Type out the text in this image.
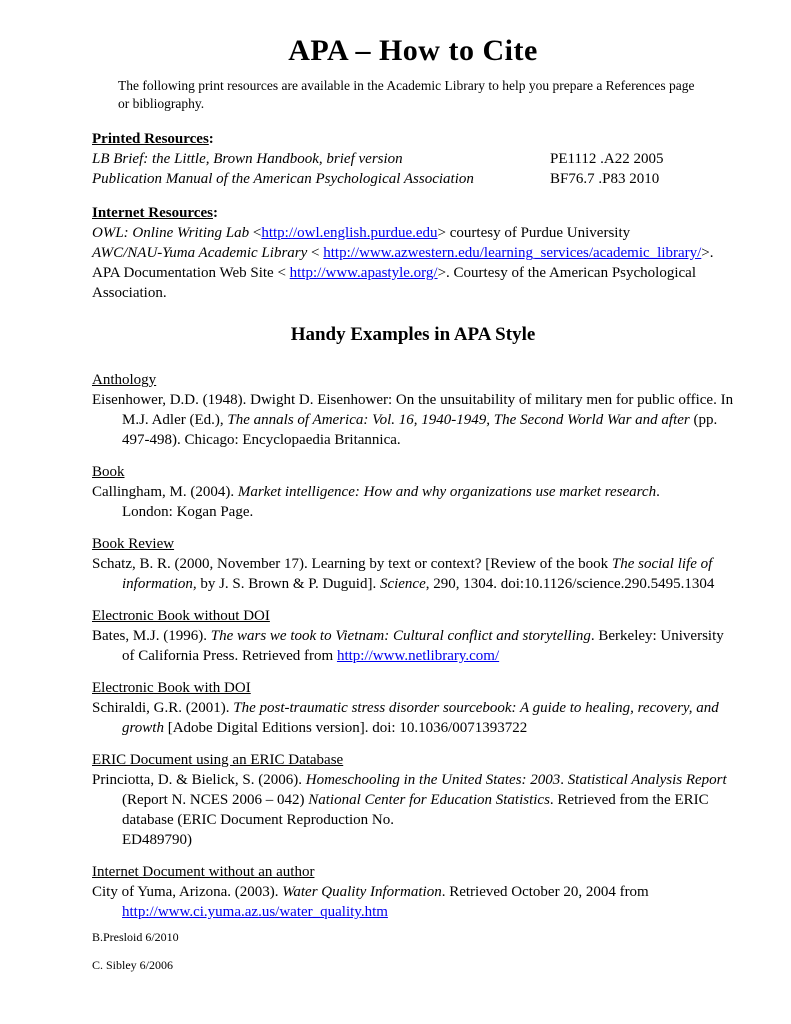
APA – How to Cite

The following print resources are available in the Academic Library to help you prepare a References page or bibliography.

Printed Resources:

LB Brief: the Little, Brown Handbook, brief version	PE1112 .A22 2005
Publication Manual of the American Psychological Association	BF76.7 .P83 2010

Internet Resources:

OWL: Online Writing Lab <http://owl.english.purdue.edu> courtesy of Purdue University

AWC/NAU-Yuma Academic Library < http://www.azwestern.edu/learning_services/academic_library/>.

APA Documentation Web Site < http://www.apastyle.org/>. Courtesy of the American Psychological Association.

Handy Examples in APA Style

Anthology

Eisenhower, D.D. (1948). Dwight D. Eisenhower: On the unsuitability of military men for public office. In M.J. Adler (Ed.), The annals of America: Vol. 16, 1940-1949, The Second World War and after (pp. 497-498). Chicago: Encyclopaedia Britannica.

Book

Callingham, M. (2004). Market intelligence: How and why organizations use market research.
London: Kogan Page.

Book Review

Schatz, B. R. (2000, November 17). Learning by text or context? [Review of the book The social life of information, by J. S. Brown & P. Duguid]. Science, 290, 1304. doi:10.1126/science.290.5495.1304

Electronic Book without DOI

Bates, M.J. (1996). The wars we took to Vietnam: Cultural conflict and storytelling. Berkeley: University of California Press. Retrieved from http://www.netlibrary.com/

Electronic Book with DOI

Schiraldi, G.R. (2001). The post-traumatic stress disorder sourcebook: A guide to healing, recovery, and growth [Adobe Digital Editions version]. doi: 10.1036/0071393722

ERIC Document using an ERIC Database

Princiotta, D. & Bielick, S. (2006). Homeschooling in the United States: 2003. Statistical Analysis Report (Report N. NCES 2006 – 042) National Center for Education Statistics. Retrieved from the ERIC database (ERIC Document Reproduction No.
ED489790)

Internet Document without an author

City of Yuma, Arizona. (2003). Water Quality Information. Retrieved October 20, 2004 from http://www.ci.yuma.az.us/water_quality.htm

B.Presloid 6/2010

C. Sibley 6/2006
